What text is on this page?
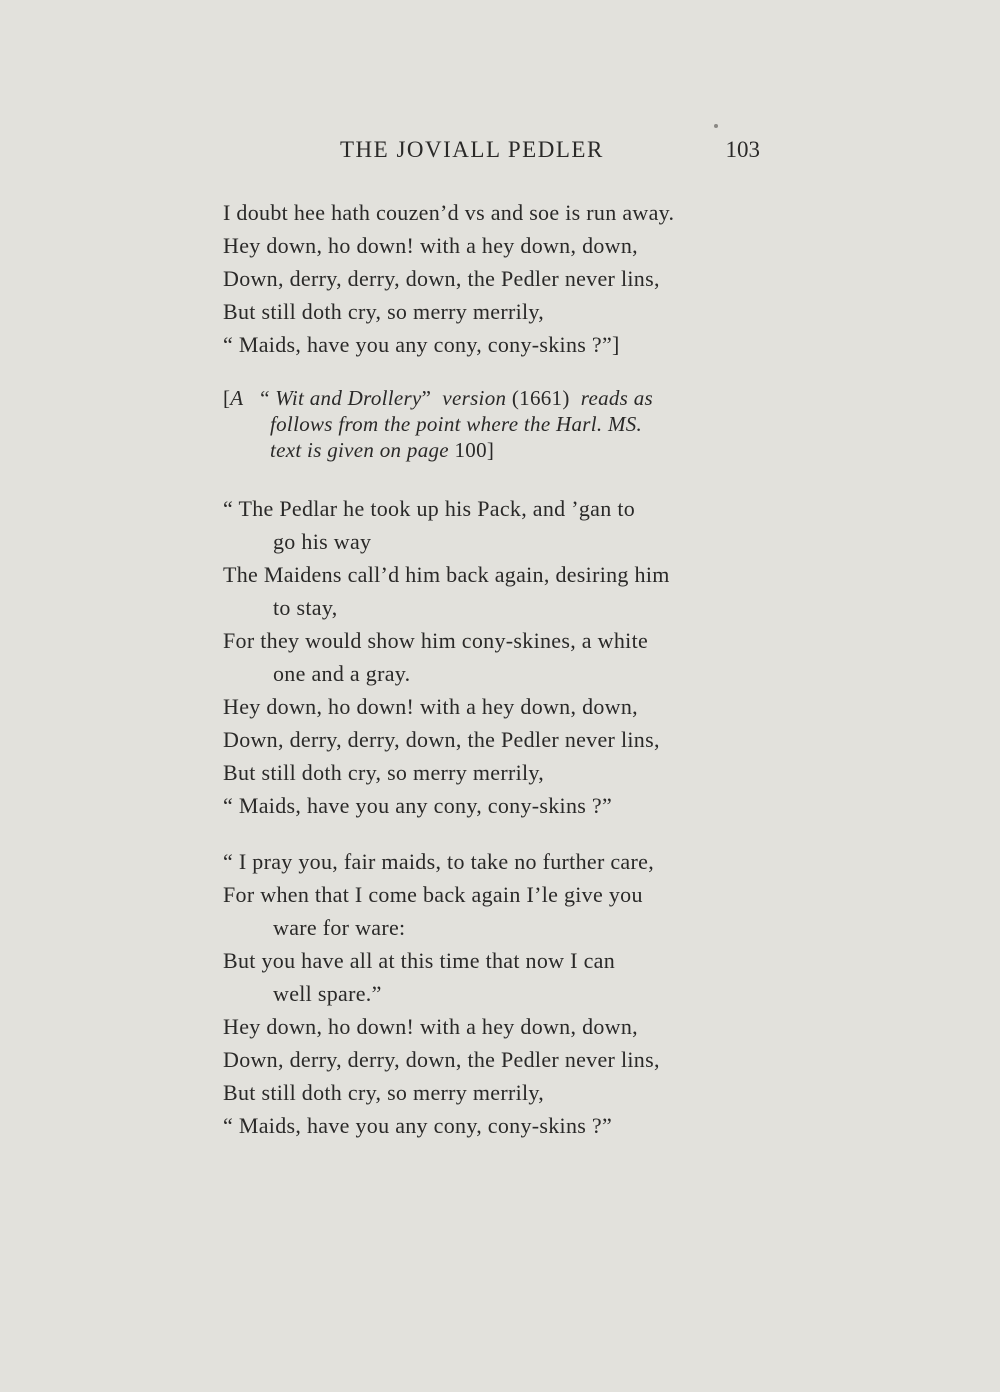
THE JOVIALL PEDLER	103
I doubt hee hath couzen’d vs and soe is run away.
Hey down, ho down! with a hey down, down,
Down, derry, derry, down, the Pedler never lins,
But still doth cry, so merry merrily,
“ Maids, have you any cony, cony-skins ?”]
[A “ Wit and Drollery” version (1661) reads as
follows from the point where the Harl. MS.
text is given on page 100]
“ The Pedlar he took up his Pack, and ’gan to
go his way
The Maidens call’d him back again, desiring him
to stay,
For they would show him cony-skines, a white
one and a gray.
Hey down, ho down! with a hey down, down,
Down, derry, derry, down, the Pedler never lins,
But still doth cry, so merry merrily,
“ Maids, have you any cony, cony-skins ?”
“ I pray you, fair maids, to take no further care,
For when that I come back again I’le give you
ware for ware:
But you have all at this time that now I can
well spare.”
Hey down, ho down! with a hey down, down,
Down, derry, derry, down, the Pedler never lins,
But still doth cry, so merry merrily,
“ Maids, have you any cony, cony-skins ?”
